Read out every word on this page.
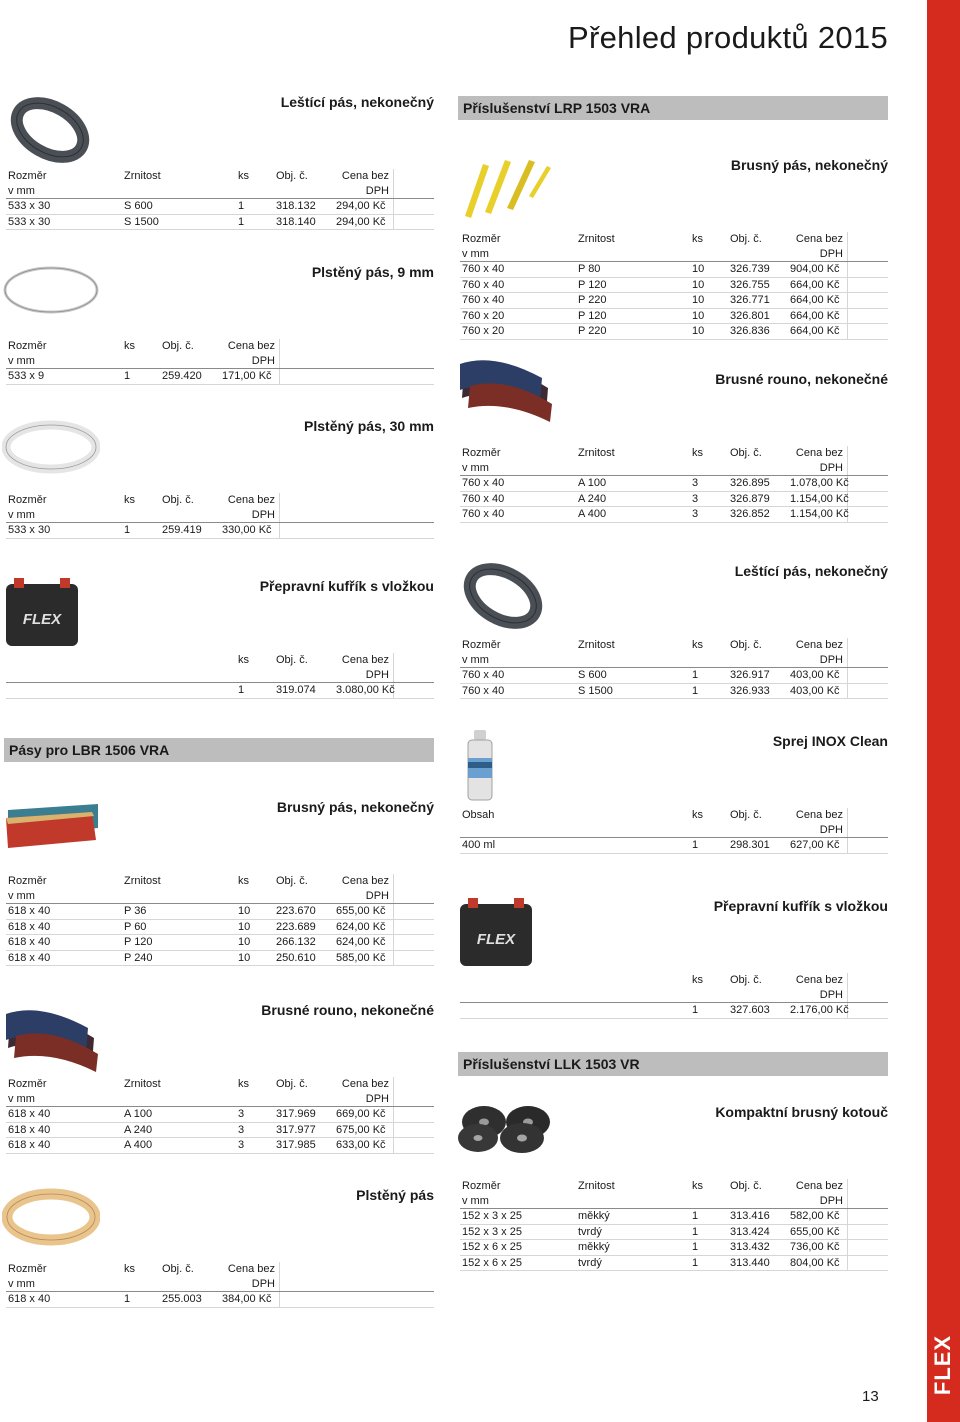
FLEX
Přehled produktů 2015
13
Leštící pás, nekonečný
Rozměr
v mm
Zrnitost
	ks
	Obj. č.
	Cena bez
DPH
533 x 30	S 600	1	318.132	294,00 Kč
533 x 30	S 1500	1	318.140	294,00 Kč
Plstěný pás, 9 mm
Rozměr
v mm
ks
	Obj. č.
	Cena bez
DPH
533 x 9	1	259.420	171,00 Kč
Plstěný pás, 30 mm
Rozměr
v mm
ks
	Obj. č.
	Cena bez
DPH
533 x 30	1	259.419	330,00 Kč
FLEX
Přepravní kufřík s vložkou

ks
	Obj. č.
	Cena bez
DPH

1	319.074	3.080,00 Kč
Pásy pro LBR 1506 VRA
Brusný pás, nekonečný
Rozměr
v mm
Zrnitost
	ks
	Obj. č.
	Cena bez
DPH
618 x 40	P 36	10	223.670	655,00 Kč
618 x 40	P 60	10	223.689	624,00 Kč
618 x 40	P 120	10	266.132	624,00 Kč
618 x 40	P 240	10	250.610	585,00 Kč
Brusné rouno, nekonečné
Rozměr
v mm
Zrnitost
	ks
	Obj. č.
	Cena bez
DPH
618 x 40	A 100	3	317.969	669,00 Kč
618 x 40	A 240	3	317.977	675,00 Kč
618 x 40	A 400	3	317.985	633,00 Kč
Plstěný pás
Rozměr
v mm
ks
	Obj. č.
	Cena bez
DPH
618 x 40	1	255.003	384,00 Kč
Příslušenství LRP 1503 VRA
Brusný pás, nekonečný
Rozměr
v mm
Zrnitost
	ks
	Obj. č.
	Cena bez
DPH
760 x 40	P 80	10	326.739	904,00 Kč
760 x 40	P 120	10	326.755	664,00 Kč
760 x 40	P 220	10	326.771	664,00 Kč
760 x 20	P 120	10	326.801	664,00 Kč
760 x 20	P 220	10	326.836	664,00 Kč
Brusné rouno, nekonečné
Rozměr
v mm
Zrnitost
	ks
	Obj. č.
	Cena bez
DPH
760 x 40	A 100	3	326.895	1.078,00 Kč
760 x 40	A 240	3	326.879	1.154,00 Kč
760 x 40	A 400	3	326.852	1.154,00 Kč
Leštící pás, nekonečný
Rozměr
v mm
Zrnitost
	ks
	Obj. č.
	Cena bez
DPH
760 x 40	S 600	1	326.917	403,00 Kč
760 x 40	S 1500	1	326.933	403,00 Kč
Sprej INOX Clean
Obsah
	ks
	Obj. č.
	Cena bez
DPH
400 ml	1	298.301	627,00 Kč
FLEX
Přepravní kufřík s vložkou

ks
	Obj. č.
	Cena bez
DPH

1	327.603	2.176,00 Kč
Příslušenství LLK 1503 VR
Kompaktní brusný kotouč
Rozměr
v mm
Zrnitost
	ks
	Obj. č.
	Cena bez
DPH
152 x 3 x 25	měkký	1	313.416	582,00 Kč
152 x 3 x 25	tvrdý	1	313.424	655,00 Kč
152 x 6 x 25	měkký	1	313.432	736,00 Kč
152 x 6 x 25	tvrdý	1	313.440	804,00 Kč
